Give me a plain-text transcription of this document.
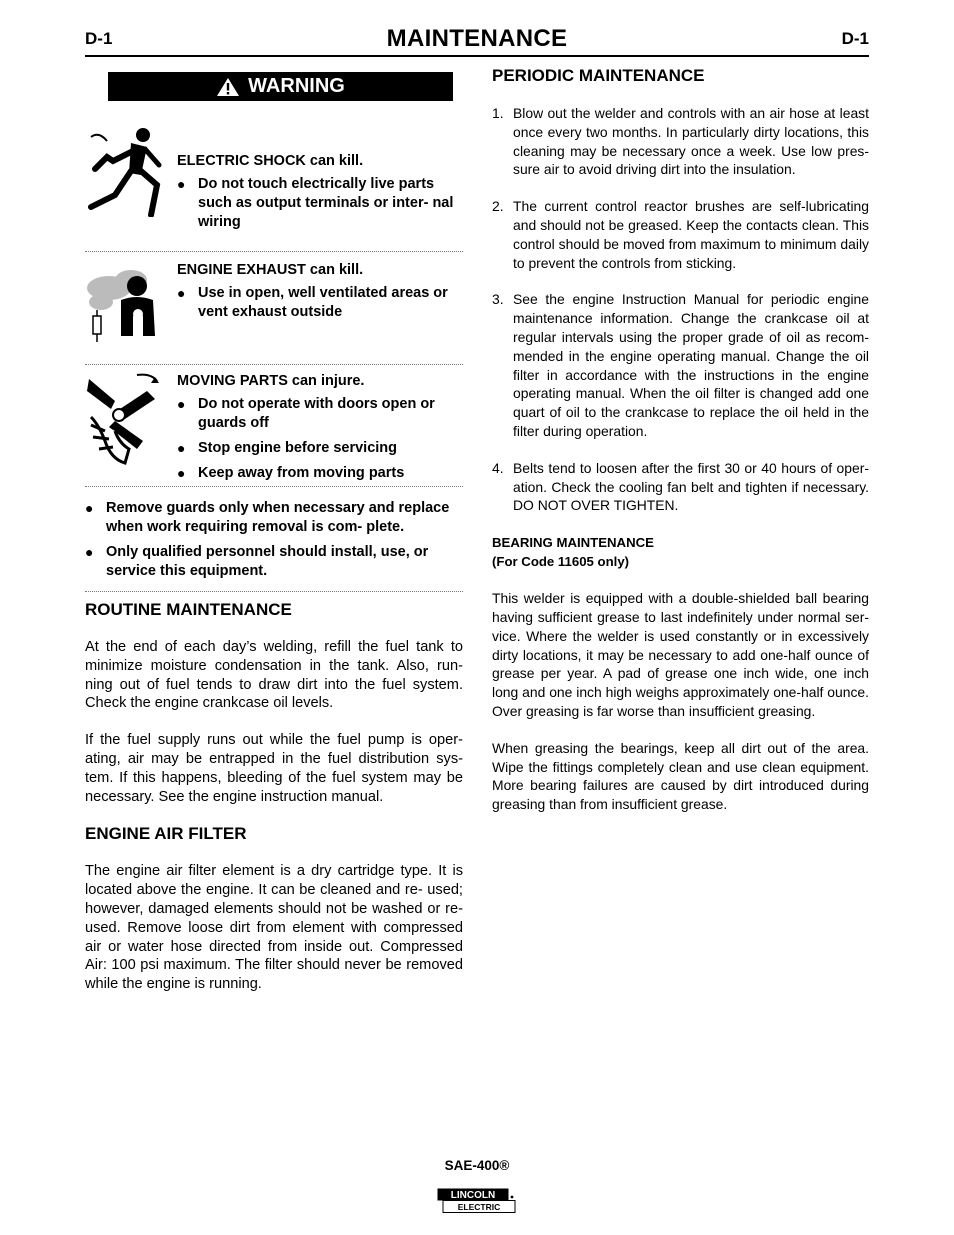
D-1	MAINTENANCE	D-1
WARNING
ELECTRIC SHOCK can kill.
● Do not touch electrically live parts such as output terminals or inter- nal wiring
ENGINE EXHAUST can kill.
● Use in open, well ventilated areas or vent exhaust outside
MOVING PARTS can injure.
● Do not operate with doors open or guards off
● Stop engine before servicing
● Keep away from moving parts
● Remove guards only when necessary and replace when work requiring removal is com- plete.
● Only qualified personnel should install, use, or service this equipment.
ROUTINE MAINTENANCE

At the end of each day’s welding, refill the fuel tank to minimize moisture condensation in the tank. Also, run- ning out of fuel tends to draw dirt into the fuel system. Check the engine crankcase oil levels.

If the fuel supply runs out while the fuel pump is oper- ating, air may be entrapped in the fuel distribution sys- tem. If this happens, bleeding of the fuel system may be necessary. See the engine instruction manual.

ENGINE AIR FILTER

The engine air filter element is a dry cartridge type. It is located above the engine. It can be cleaned and re- used; however, damaged elements should not be washed or re-used. Remove loose dirt from element with compressed air or water hose directed from inside out. Compressed Air: 100 psi maximum. The filter should never be removed while the engine is running.

PERIODIC MAINTENANCE
1. Blow out the welder and controls with an air hose at least once every two months. In particularly dirty locations, this cleaning may be necessary once a week. Use low pres- sure air to avoid driving dirt into the insulation.
2. The current control reactor brushes are self-lubricating and should not be greased. Keep the contacts clean. This control should be moved from maximum to minimum daily to prevent the controls from sticking.
3. See the engine Instruction Manual for periodic engine maintenance information. Change the crankcase oil at regular intervals using the proper grade of oil as recom- mended in the engine operating manual. Change the oil filter in accordance with the instructions in the engine operating manual. When the oil filter is changed add one quart of oil to the crankcase to replace the oil held in the filter during operation.
4. Belts tend to loosen after the first 30 or 40 hours of oper- ation. Check the cooling fan belt and tighten if necessary. DO NOT OVER TIGHTEN.
BEARING MAINTENANCE
(For Code 11605 only)

This welder is equipped with a double-shielded ball bearing having sufficient grease to last indefinitely under normal ser- vice. Where the welder is used constantly or in excessively dirty locations, it may be necessary to add one-half ounce of grease per year. A pad of grease one inch wide, one inch long and one inch high weighs approximately one-half ounce. Over greasing is far worse than insufficient greasing.

When greasing the bearings, keep all dirt out of the area. Wipe the fittings completely clean and use clean equipment. More bearing failures are caused by dirt introduced during greasing than from insufficient grease.

SAE-400®
LINCOLN
ELECTRIC
